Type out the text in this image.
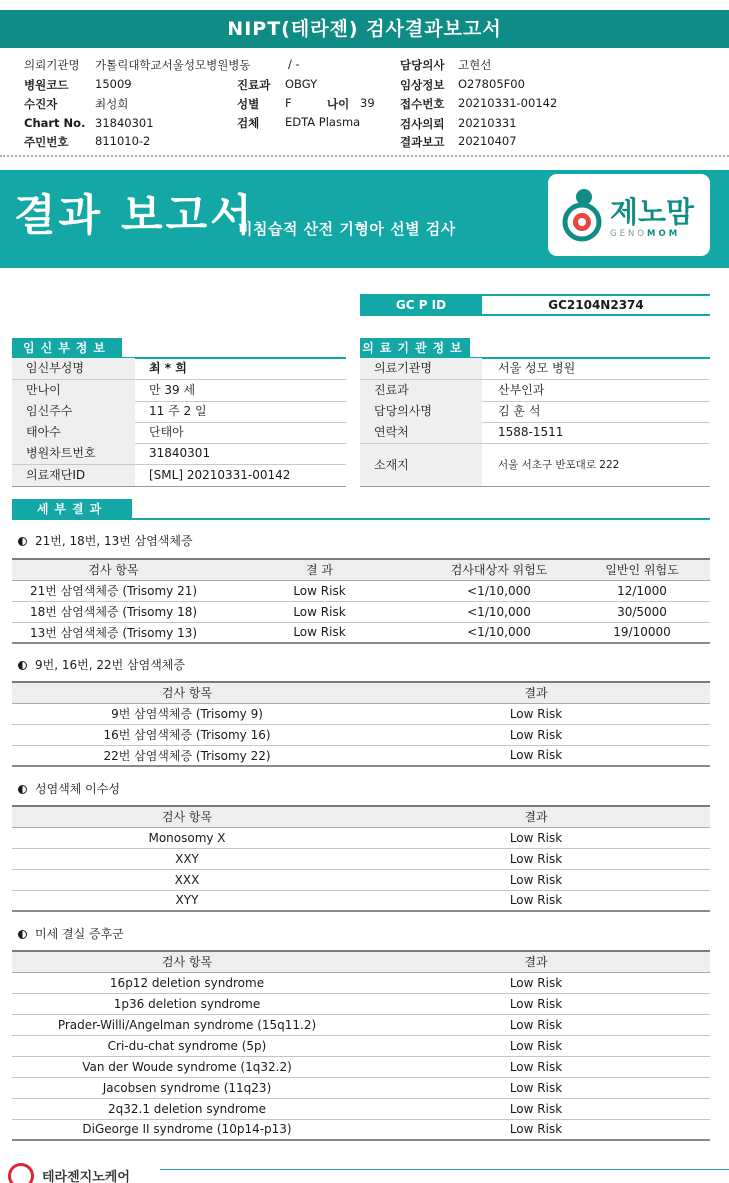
NIPT(테라젠) 검사결과보고서
의뢰기관명 가톨릭대학교서울성모병원병동	/ -	담당의사 고현선
병원코드 15009	진료과 OBGY	임상정보 O27805F00
수진자	최성희	성별 F	나이 39 접수번호 20210331-00142
Chart No. 31840301	검체 EDTA Plasma	검사의뢰 20210331
주민번호 811010-2	결과보고 20210407
결과 보고서
비침습적 산전 기형아 선별 검사	제노맘
GENOMOM
GC P ID	GC2104N2374
임신부정보
임신부성명	최 * 희
만나이	만 39 세
임신주수	11 주 2 일
태아수	단태아
병원차트번호	31840301
의료재단ID	[SML] 20210331-00142
의료기관정보
의료기관명	서울 성모 병원
진료과	산부인과
담당의사명	김 훈 석
연락처	1588-1511
소재지	서울 서초구 반포대로 222
세부결과
21번, 18번, 13번 삼염색체증
검사 항목	결 과	검사대상자 위험도	일반인 위험도
21번 삼염색체증 (Trisomy 21)	Low Risk	<1/10,000	12/1000
18번 삼염색체증 (Trisomy 18)	Low Risk	<1/10,000	30/5000
13번 삼염색체증 (Trisomy 13)	Low Risk	<1/10,000	19/10000
9번, 16번, 22번 삼염색체증
검사 항목	결과
9번 삼염색체증 (Trisomy 9)	Low Risk
16번 삼염색체증 (Trisomy 16)	Low Risk
22번 삼염색체증 (Trisomy 22)	Low Risk
성염색체 이수성
검사 항목	결과
Monosomy X	Low Risk
XXY	Low Risk
XXX	Low Risk
XYY	Low Risk
미세 결실 증후군
검사 항목	결과
16p12 deletion syndrome	Low Risk
1p36 deletion syndrome	Low Risk
Prader-Willi/Angelman syndrome (15q11.2)	Low Risk
Cri-du-chat syndrome (5p)	Low Risk
Van der Woude syndrome (1q32.2)	Low Risk
Jacobsen syndrome (11q23)	Low Risk
2q32.1 deletion syndrome	Low Risk
DiGeorge II syndrome (10p14-p13)	Low Risk
테라젠지노케어
